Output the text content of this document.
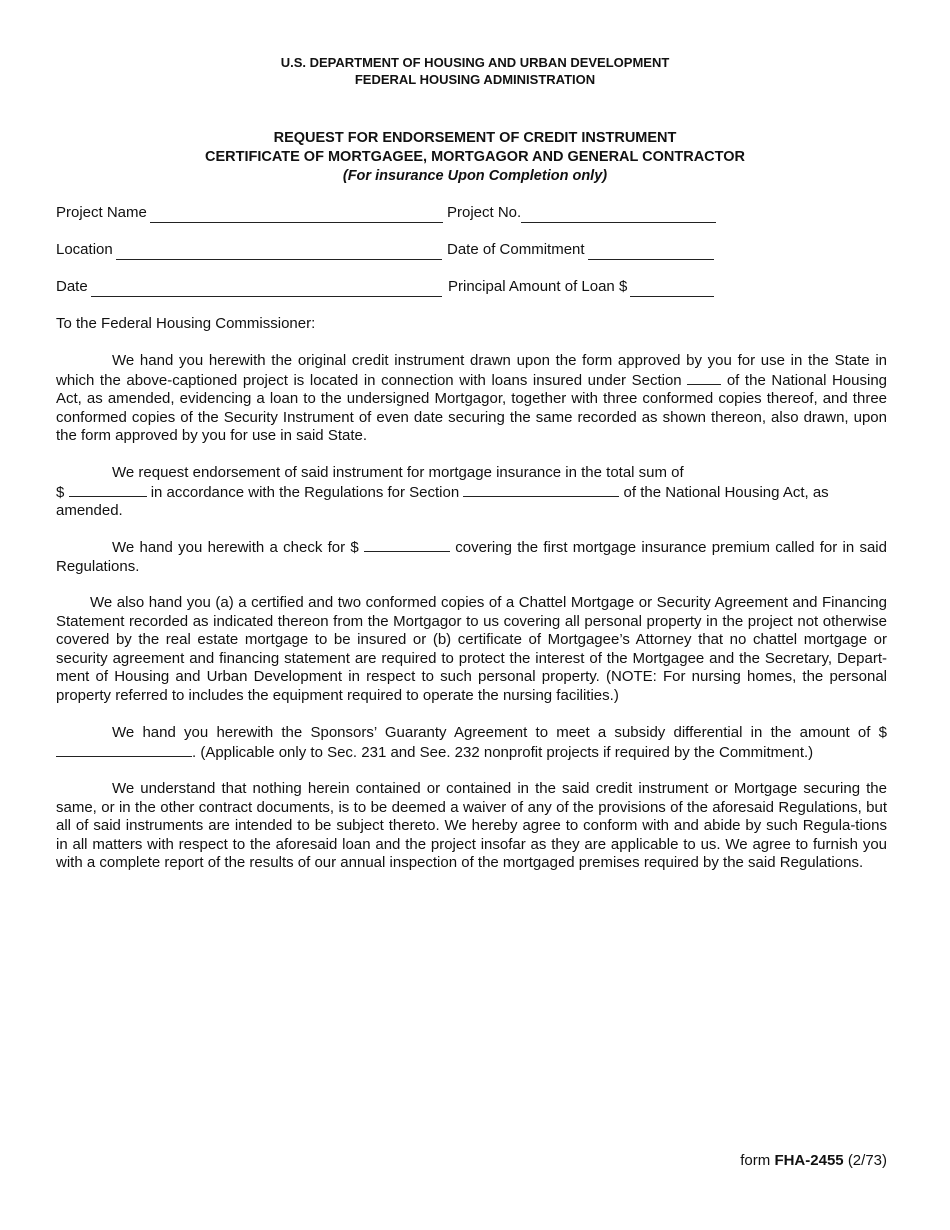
U.S. DEPARTMENT OF HOUSING AND URBAN DEVELOPMENT
FEDERAL HOUSING ADMINISTRATION
REQUEST FOR ENDORSEMENT OF CREDIT INSTRUMENT
CERTIFICATE OF MORTGAGEE, MORTGAGOR AND GENERAL CONTRACTOR
(For insurance Upon Completion only)
Project Name	Project No.
Location	Date of Commitment
Date	Principal Amount of Loan $
To the Federal Housing Commissioner:
We hand you herewith the original credit instrument drawn upon the form approved by you for use in the State in which the above-captioned project is located in connection with loans insured under Section	of the National Housing Act, as amended, evidencing a loan to the undersigned Mortgagor, together with three conformed copies thereof, and three conformed copies of the Security Instrument of even date securing the same recorded as shown thereon, also drawn, upon the form approved by you for use in said State.
We request endorsement of said instrument for mortgage insurance in the total sum of
$	in accordance with the Regulations for Section	of the National Housing Act, as amended.
We hand you herewith a check for $	covering the first mortgage insurance premium called for in said Regulations.
We also hand you (a) a certified and two conformed copies of a Chattel Mortgage or Security Agreement and Financing Statement recorded as indicated thereon from the Mortgagor to us covering all personal property in the project not otherwise covered by the real estate mortgage to be insured or (b) certificate of Mortgagee’s Attorney that no chattel mortgage or security agreement and financing statement are required to protect the interest of the Mortgagee and the Secretary, Depart-ment of Housing and Urban Development in respect to such personal property. (NOTE: For nursing homes, the personal property referred to includes the equipment required to operate the nursing facilities.)
We hand you herewith the Sponsors’ Guaranty Agreement to meet a subsidy differential in the amount of $ . (Applicable only to Sec. 231 and See. 232 nonprofit projects if required by the Commitment.)
We understand that nothing herein contained or contained in the said credit instrument or Mortgage securing the same, or in the other contract documents, is to be deemed a waiver of any of the provisions of the aforesaid Regulations, but all of said instruments are intended to be subject thereto. We hereby agree to conform with and abide by such Regula-tions in all matters with respect to the aforesaid loan and the project insofar as they are applicable to us. We agree to furnish you with a complete report of the results of our annual inspection of the mortgaged premises required by the said Regulations.
form FHA-2455 (2/73)
